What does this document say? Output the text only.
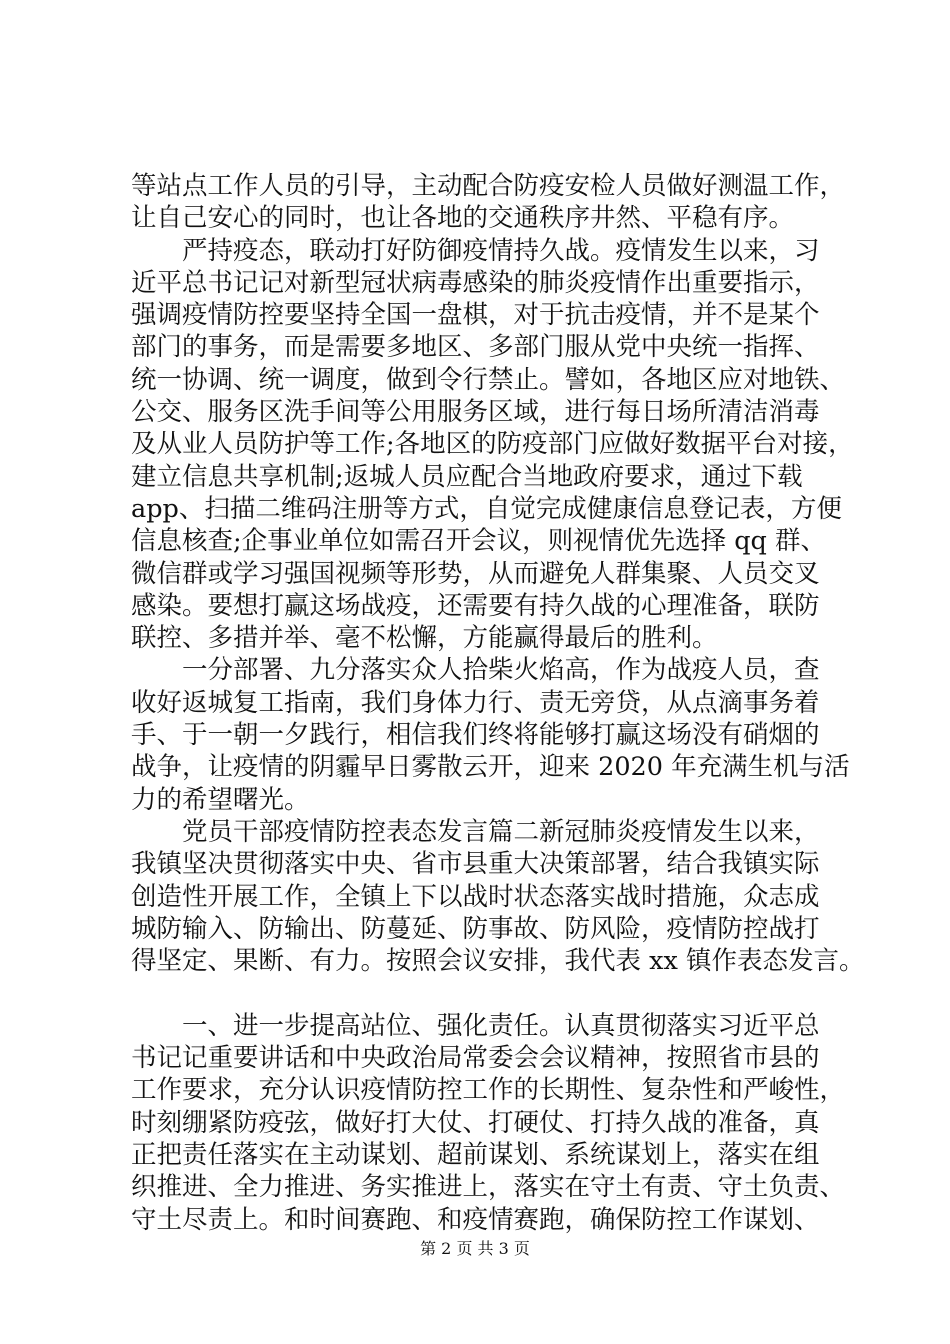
等站点工作人员的引导，主动配合防疫安检人员做好测温工作，
让自己安心的同时，也让各地的交通秩序井然、平稳有序。
　　严持疫态，联动打好防御疫情持久战。疫情发生以来，习
近平总书记记对新型冠状病毒感染的肺炎疫情作出重要指示，
强调疫情防控要坚持全国一盘棋，对于抗击疫情，并不是某个
部门的事务，而是需要多地区、多部门服从党中央统一指挥、
统一协调、统一调度，做到令行禁止。譬如，各地区应对地铁、
公交、服务区洗手间等公用服务区域，进行每日场所清洁消毒
及从业人员防护等工作;各地区的防疫部门应做好数据平台对接，
建立信息共享机制;返城人员应配合当地政府要求，通过下载
app、扫描二维码注册等方式，自觉完成健康信息登记表，方便
信息核查;企事业单位如需召开会议，则视情优先选择 qq 群、
微信群或学习强国视频等形势，从而避免人群集聚、人员交叉
感染。要想打赢这场战疫，还需要有持久战的心理准备，联防
联控、多措并举、毫不松懈，方能赢得最后的胜利。
　　一分部署、九分落实众人拾柴火焰高，作为战疫人员，查
收好返城复工指南，我们身体力行、责无旁贷，从点滴事务着
手、于一朝一夕践行，相信我们终将能够打赢这场没有硝烟的
战争，让疫情的阴霾早日雾散云开，迎来 2020 年充满生机与活
力的希望曙光。
　　党员干部疫情防控表态发言篇二新冠肺炎疫情发生以来，
我镇坚决贯彻落实中央、省市县重大决策部署，结合我镇实际
创造性开展工作，全镇上下以战时状态落实战时措施，众志成
城防输入、防输出、防蔓延、防事故、防风险，疫情防控战打
得坚定、果断、有力。按照会议安排，我代表 xx 镇作表态发言。
　　一、进一步提高站位、强化责任。认真贯彻落实习近平总
书记记重要讲话和中央政治局常委会会议精神，按照省市县的
工作要求，充分认识疫情防控工作的长期性、复杂性和严峻性，
时刻绷紧防疫弦，做好打大仗、打硬仗、打持久战的准备，真
正把责任落实在主动谋划、超前谋划、系统谋划上，落实在组
织推进、全力推进、务实推进上，落实在守土有责、守土负责、
守土尽责上。和时间赛跑、和疫情赛跑，确保防控工作谋划、
第 2 页 共 3 页
